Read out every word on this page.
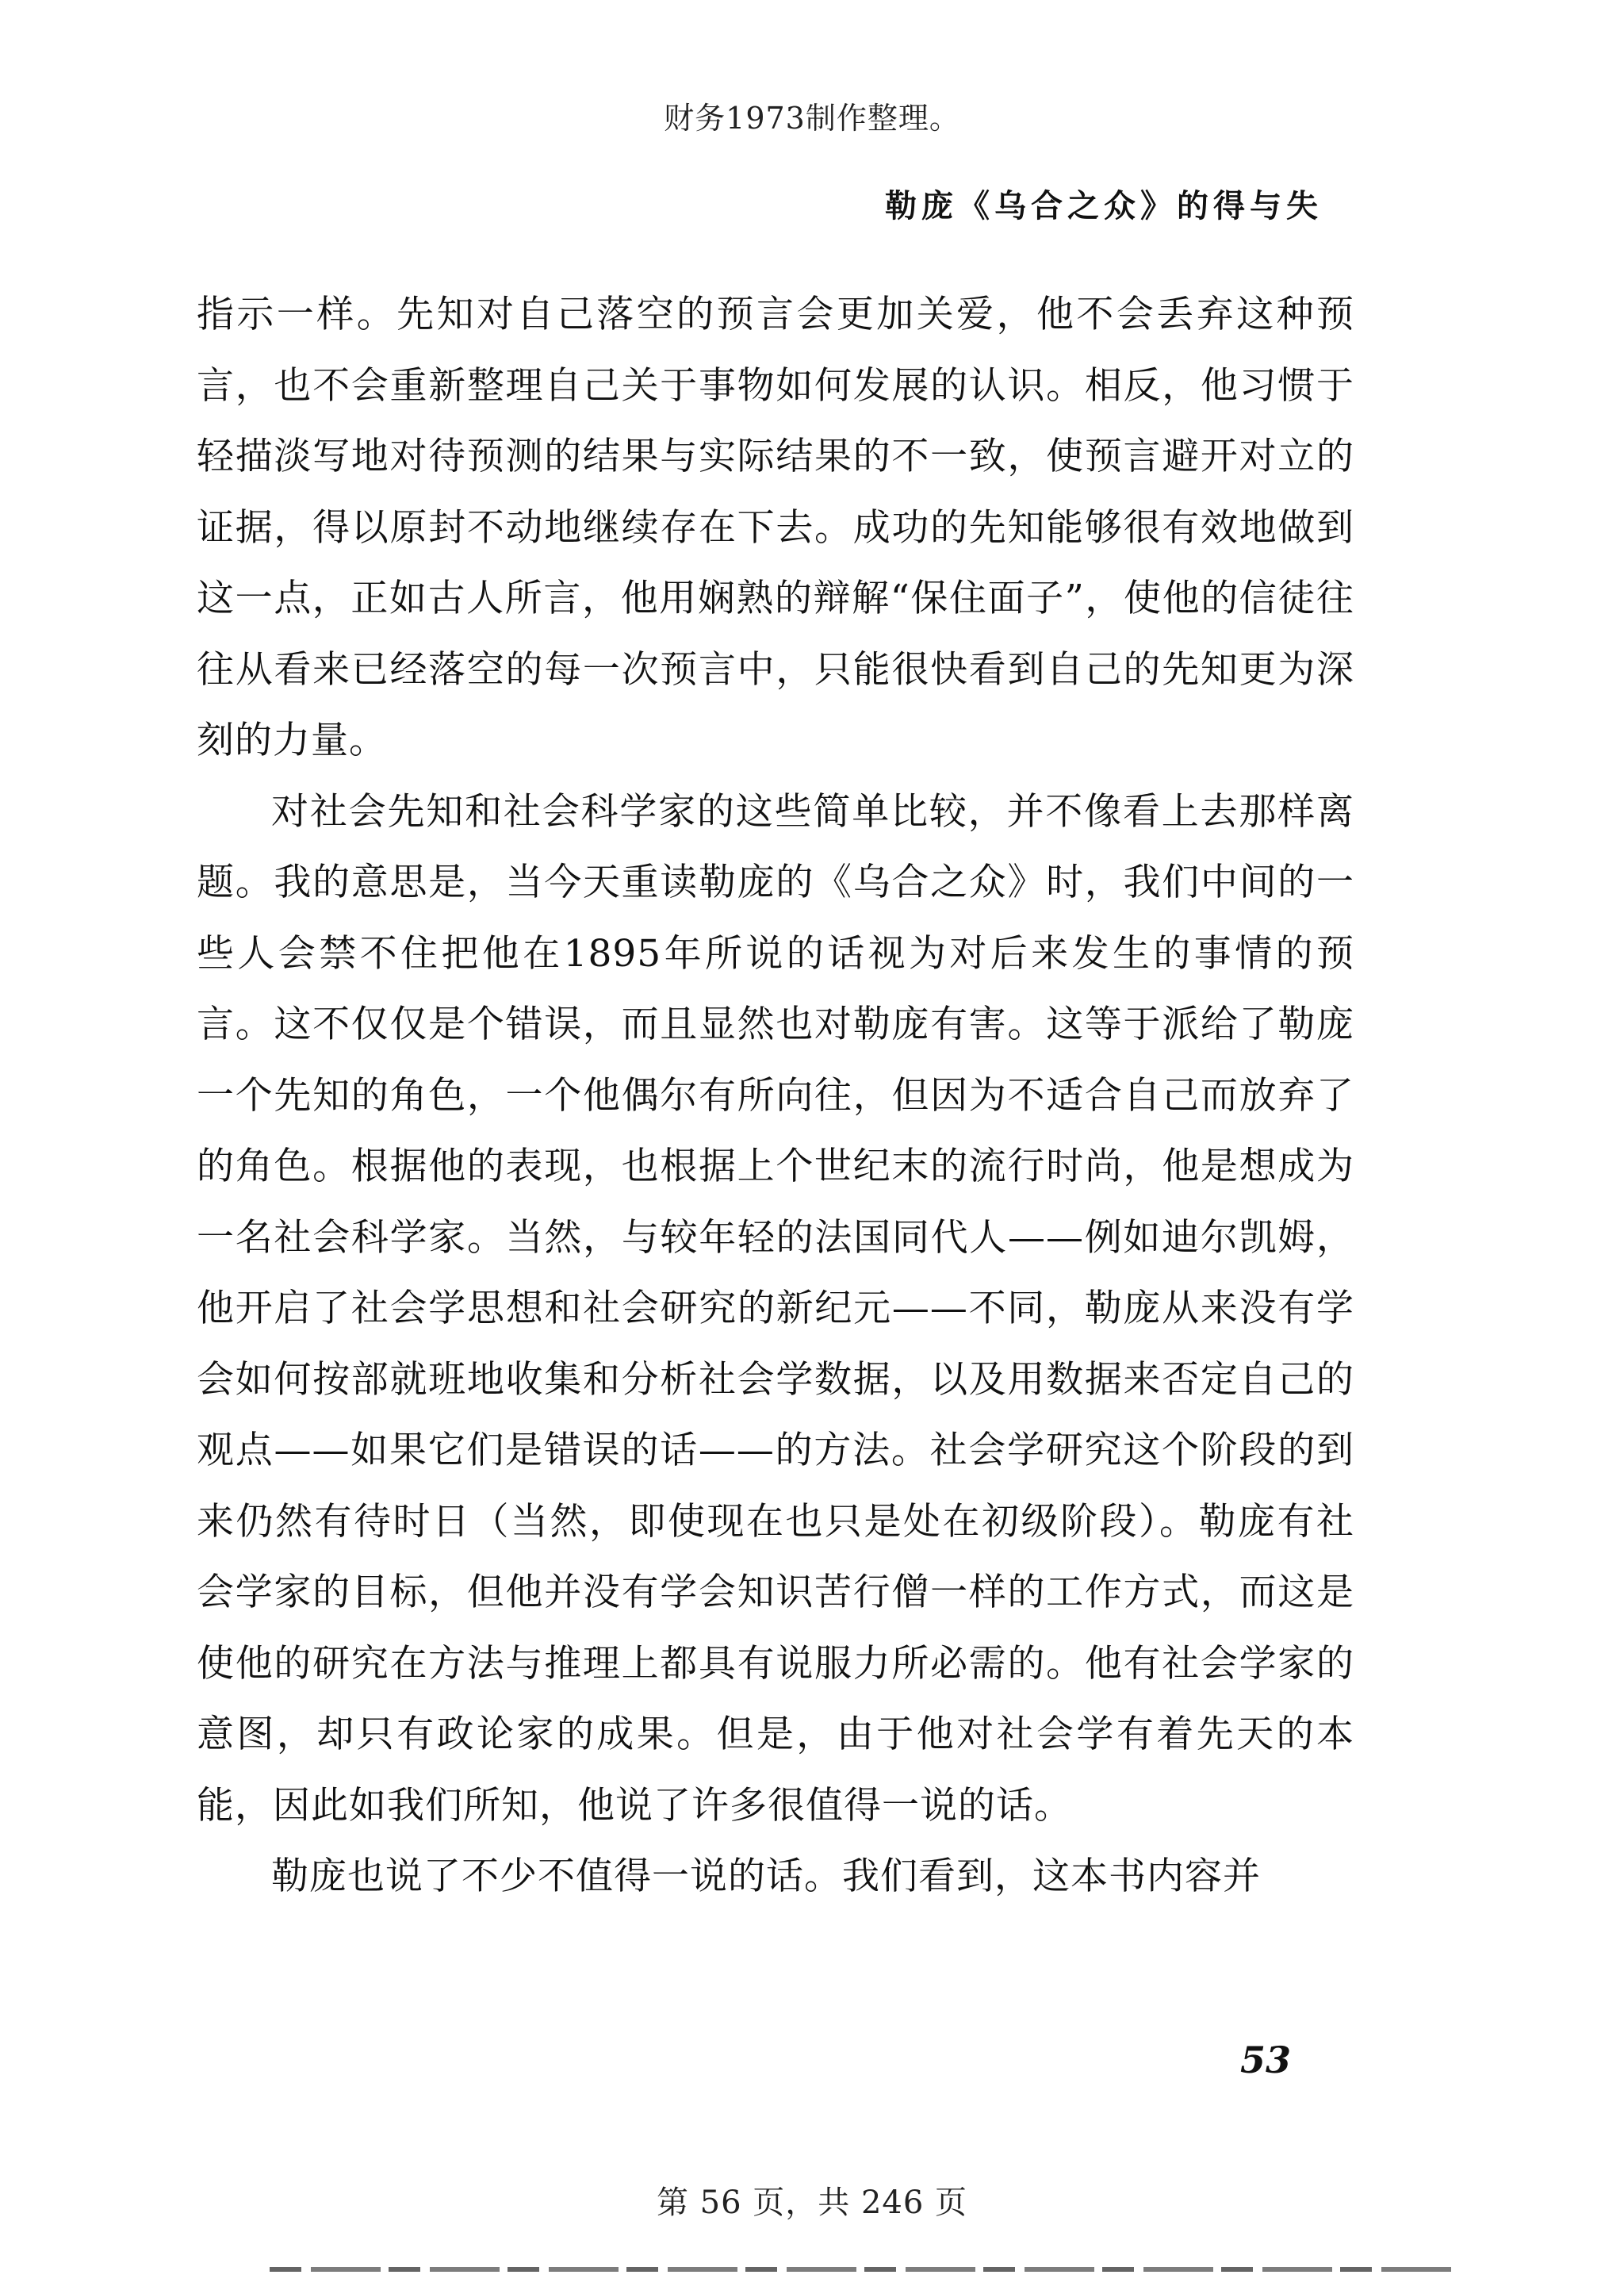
财务1973制作整理。
勒庞《乌合之众》的得与失

指示一样。先知对自己落空的预言会更加关爱，他不会丢弃这种预言，也不会重新整理自己关于事物如何发展的认识。相反，他习惯于轻描淡写地对待预测的结果与实际结果的不一致，使预言避开对立的证据，得以原封不动地继续存在下去。成功的先知能够很有效地做到这一点，正如古人所言，他用娴熟的辩解“保住面子”，使他的信徒往往从看来已经落空的每一次预言中，只能很快看到自己的先知更为深刻的力量。

对社会先知和社会科学家的这些简单比较，并不像看上去那样离题。我的意思是，当今天重读勒庞的《乌合之众》时，我们中间的一些人会禁不住把他在1895年所说的话视为对后来发生的事情的预言。这不仅仅是个错误，而且显然也对勒庞有害。这等于派给了勒庞一个先知的角色，一个他偶尔有所向往，但因为不适合自己而放弃了的角色。根据他的表现，也根据上个世纪末的流行时尚，他是想成为一名社会科学家。当然，与较年轻的法国同代人——例如迪尔凯姆，他开启了社会学思想和社会研究的新纪元——不同，勒庞从来没有学会如何按部就班地收集和分析社会学数据，以及用数据来否定自己的观点——如果它们是错误的话——的方法。社会学研究这个阶段的到来仍然有待时日（当然，即使现在也只是处在初级阶段）。勒庞有社会学家的目标，但他并没有学会知识苦行僧一样的工作方式，而这是使他的研究在方法与推理上都具有说服力所必需的。他有社会学家的意图，却只有政论家的成果。但是，由于他对社会学有着先天的本能，因此如我们所知，他说了许多很值得一说的话。

勒庞也说了不少不值得一说的话。我们看到，这本书内容并

53
第 56 页，共 246 页
